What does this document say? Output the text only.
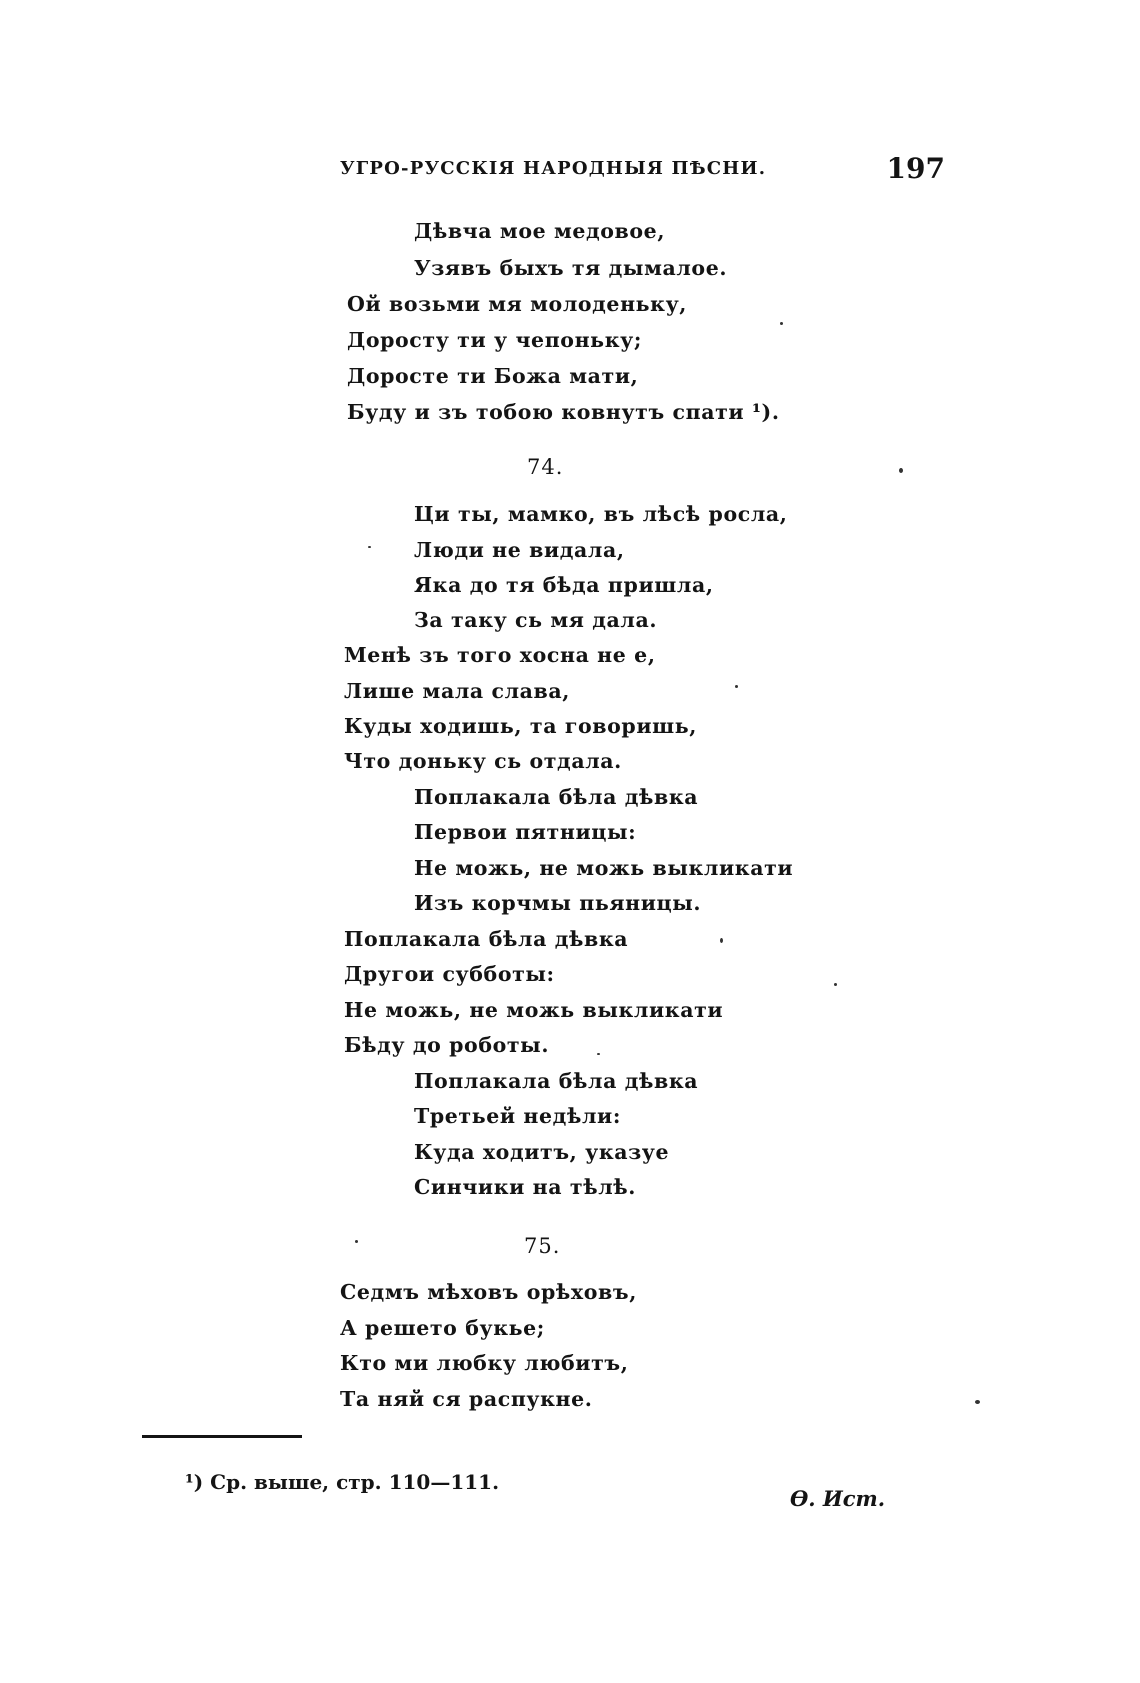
УГРО-РУССКIЯ НАРОДНЫЯ ПѢСНИ.	197
Дѣвча мое медовое,
Узявъ быхъ тя дымалое.
Ой возьми мя молоденьку,
Доросту ти у чепоньку;
Доросте ти Божа мати,
Буду и зъ тобою ковнутъ спати ¹).
74.
Ци ты, мамко, въ лѣсѣ росла,
Люди не видала,
Яка до тя бѣда пришла,
За таку сь мя дала.
Менѣ зъ того хосна не е,
Лише мала слава,
Куды ходишь, та говоришь,
Что доньку сь отдала.
Поплакала бѣла дѣвка
Первои пятницы:
Не можь, не можь выкликати
Изъ корчмы пьяницы.
Поплакала бѣла дѣвка
Другои субботы:
Не можь, не можь выкликати
Бѣду до роботы.
Поплакала бѣла дѣвка
Третьей недѣли:
Куда ходитъ, указуе
Синчики на тѣлѣ.
75.
Седмъ мѣховъ орѣховъ,
А решето букье;
Кто ми любку любитъ,
Та няй ся распукне.
¹) Ср. выше, стр. 110—111.
Ѳ. Ист.
